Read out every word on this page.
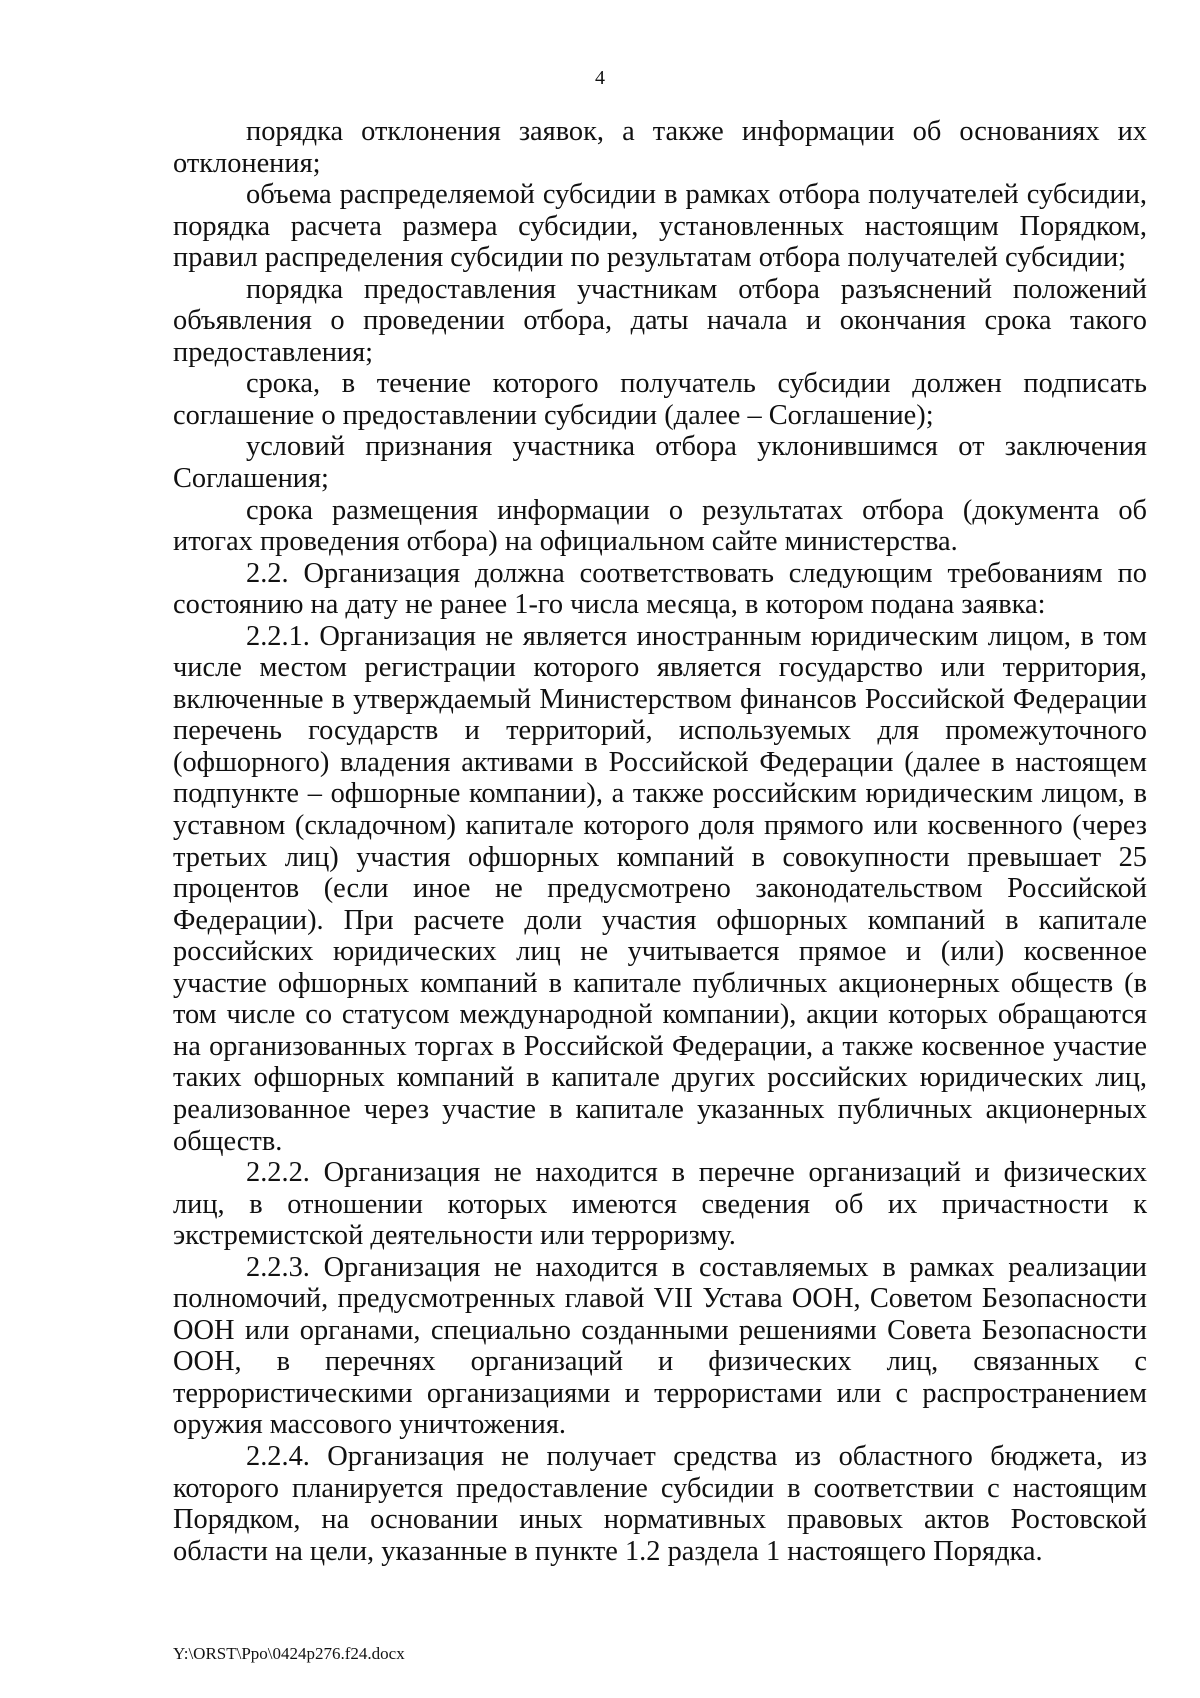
4

порядка отклонения заявок, а также информации об основаниях их отклонения;

объема распределяемой субсидии в рамках отбора получателей субсидии, порядка расчета размера субсидии, установленных настоящим Порядком, правил распределения субсидии по результатам отбора получателей субсидии;

порядка предоставления участникам отбора разъяснений положений объявления о проведении отбора, даты начала и окончания срока такого предоставления;

срока, в течение которого получатель субсидии должен подписать соглашение о предоставлении субсидии (далее – Соглашение);

условий признания участника отбора уклонившимся от заключения Соглашения;

срока размещения информации о результатах отбора (документа об итогах проведения отбора) на официальном сайте министерства.

2.2. Организация должна соответствовать следующим требованиям по состоянию на дату не ранее 1-го числа месяца, в котором подана заявка:

2.2.1. Организация не является иностранным юридическим лицом, в том числе местом регистрации которого является государство или территория, включенные в утверждаемый Министерством финансов Российской Федерации перечень государств и территорий, используемых для промежуточного (офшорного) владения активами в Российской Федерации (далее в настоящем подпункте – офшорные компании), а также российским юридическим лицом, в уставном (складочном) капитале которого доля прямого или косвенного (через третьих лиц) участия офшорных компаний в совокупности превышает 25 процентов (если иное не предусмотрено законодательством Российской Федерации). При расчете доли участия офшорных компаний в капитале российских юридических лиц не учитывается прямое и (или) косвенное участие офшорных компаний в капитале публичных акционерных обществ (в том числе со статусом международной компании), акции которых обращаются на организованных торгах в Российской Федерации, а также косвенное участие таких офшорных компаний в капитале других российских юридических лиц, реализованное через участие в капитале указанных публичных акционерных обществ.

2.2.2. Организация не находится в перечне организаций и физических лиц, в отношении которых имеются сведения об их причастности к экстремистской деятельности или терроризму.

2.2.3. Организация не находится в составляемых в рамках реализации полномочий, предусмотренных главой VII Устава ООН, Советом Безопасности ООН или органами, специально созданными решениями Совета Безопасности ООН, в перечнях организаций и физических лиц, связанных с террористическими организациями и террористами или с распространением оружия массового уничтожения.

2.2.4. Организация не получает средства из областного бюджета, из которого планируется предоставление субсидии в соответствии с настоящим Порядком, на основании иных нормативных правовых актов Ростовской области на цели, указанные в пункте 1.2 раздела 1 настоящего Порядка.

Y:\ORST\Ppo\0424p276.f24.docx
